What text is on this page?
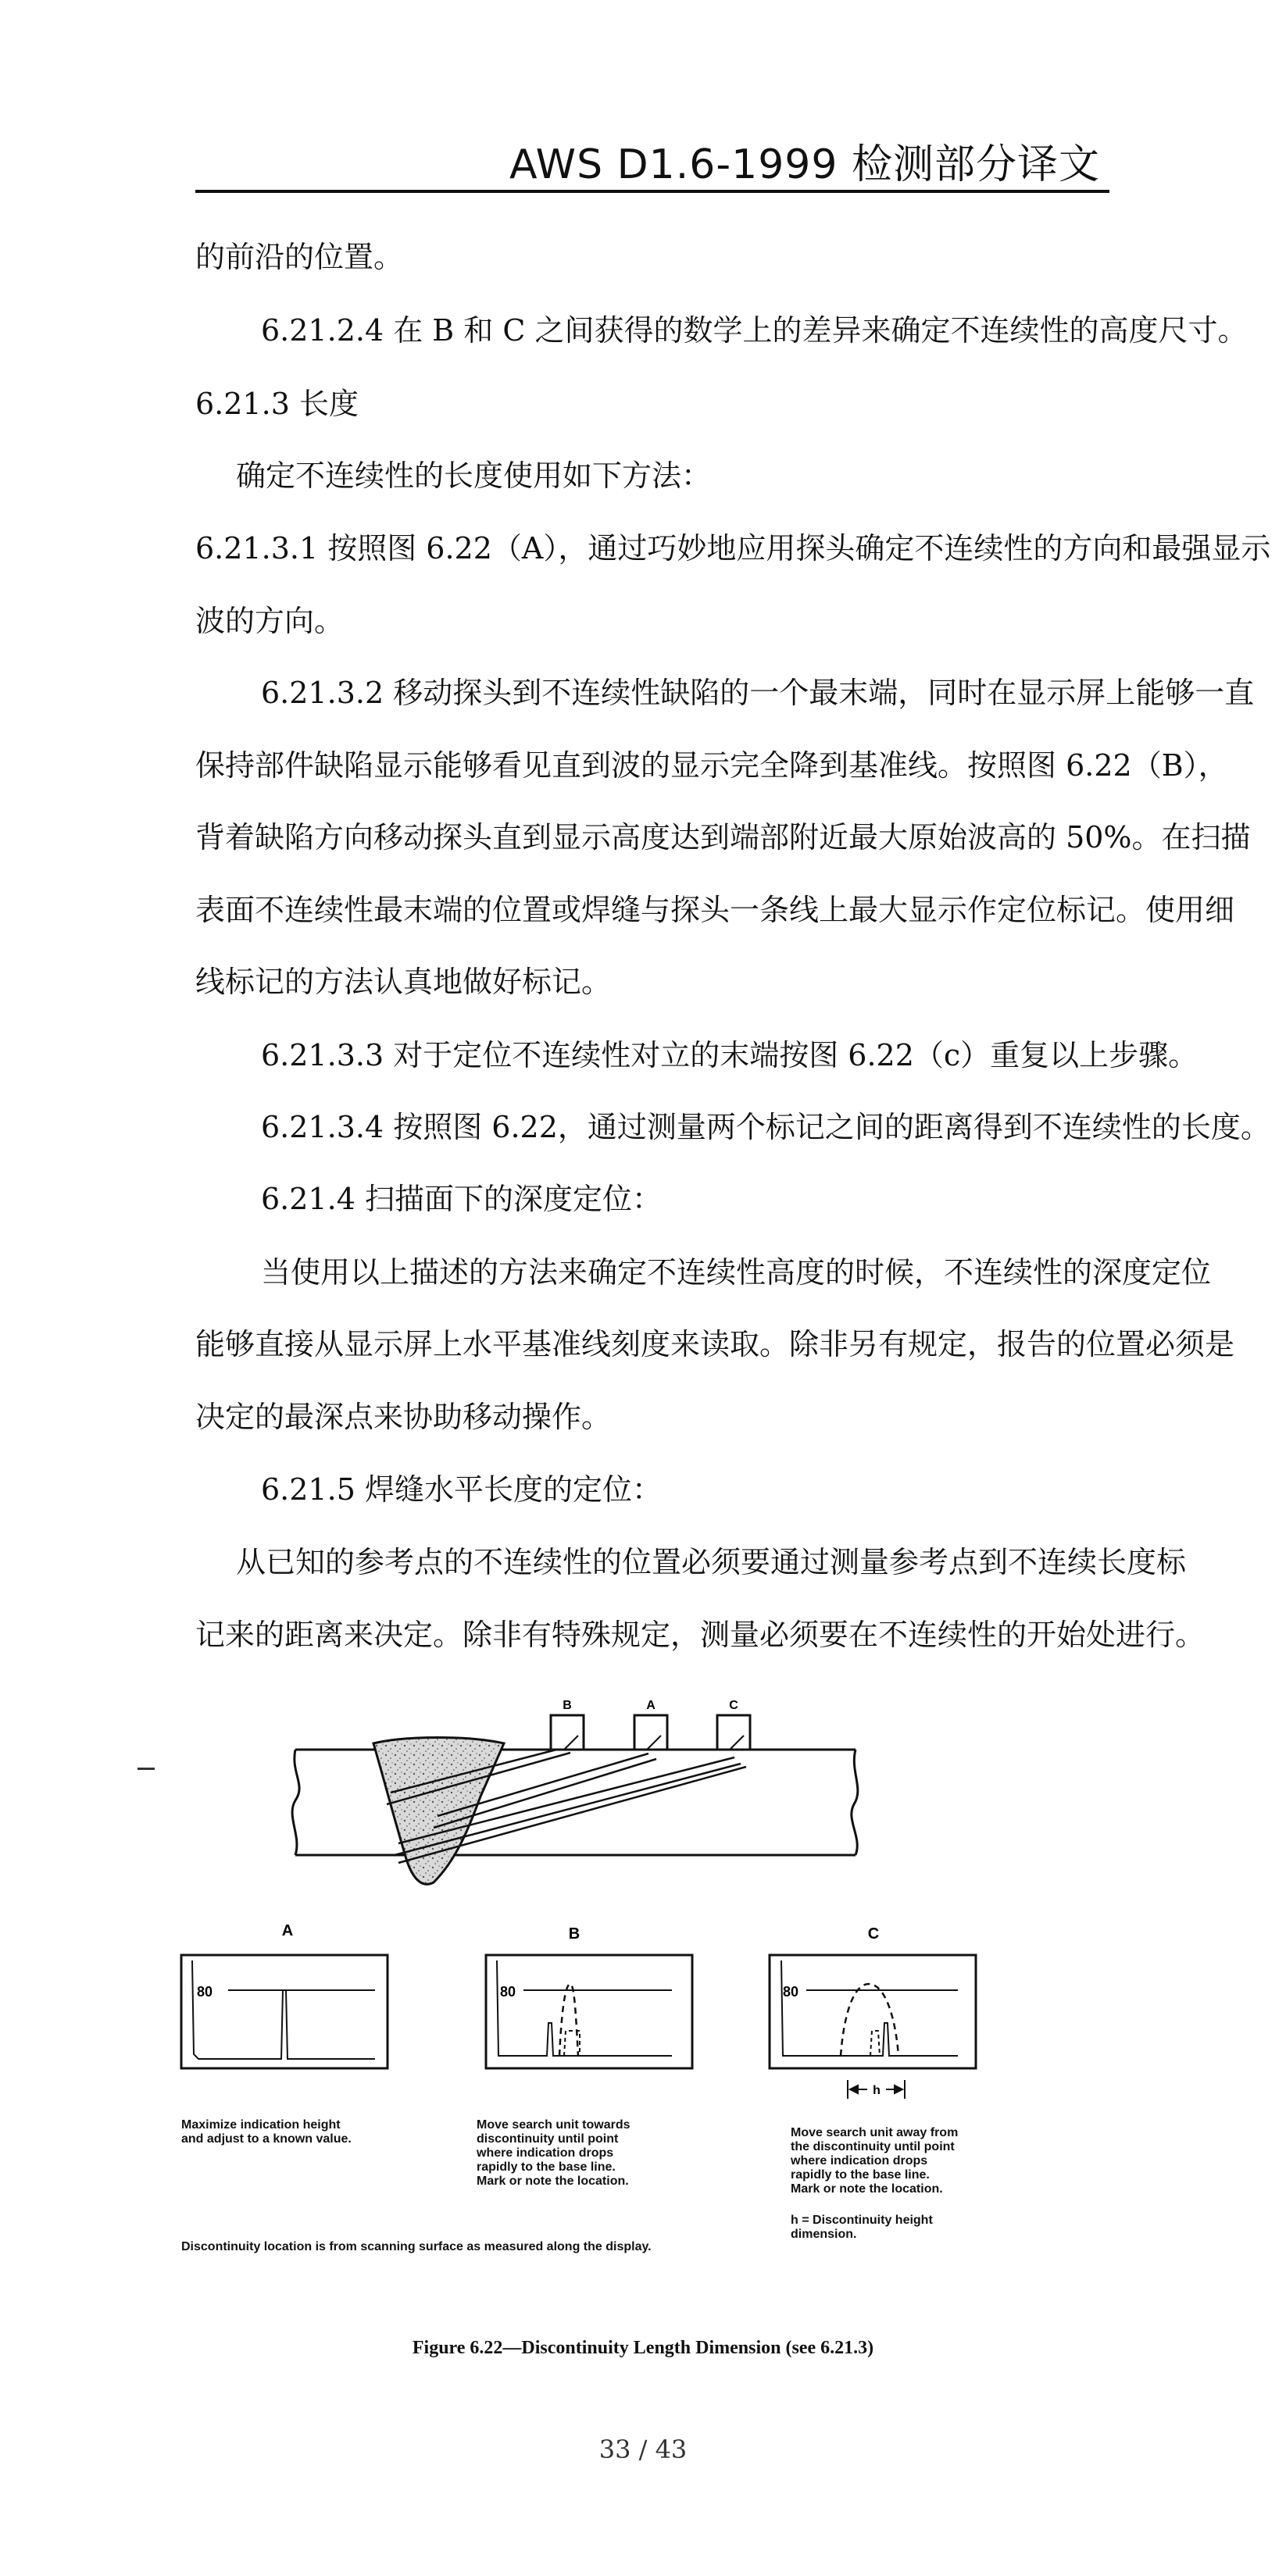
AWS D1.6-1999 检测部分译文
的前沿的位置。
6.21.2.4 在 B 和 C 之间获得的数学上的差异来确定不连续性的高度尺寸。
6.21.3 长度
确定不连续性的长度使用如下方法：
6.21.3.1 按照图 6.22（A），通过巧妙地应用探头确定不连续性的方向和最强显示
波的方向。
6.21.3.2 移动探头到不连续性缺陷的一个最末端，同时在显示屏上能够一直
保持部件缺陷显示能够看见直到波的显示完全降到基准线。按照图 6.22（B），
背着缺陷方向移动探头直到显示高度达到端部附近最大原始波高的 50%。在扫描
表面不连续性最末端的位置或焊缝与探头一条线上最大显示作定位标记。使用细
线标记的方法认真地做好标记。
6.21.3.3 对于定位不连续性对立的末端按图 6.22（c）重复以上步骤。
6.21.3.4 按照图 6.22，通过测量两个标记之间的距离得到不连续性的长度。
6.21.4 扫描面下的深度定位：
当使用以上描述的方法来确定不连续性高度的时候，不连续性的深度定位
能够直接从显示屏上水平基准线刻度来读取。除非另有规定，报告的位置必须是
决定的最深点来协助移动操作。
6.21.5 焊缝水平长度的定位：
从已知的参考点的不连续性的位置必须要通过测量参考点到不连续长度标
记来的距离来决定。除非有特殊规定，测量必须要在不连续性的开始处进行。
B	A	C
A	B	C
80	80	80
h
Maximize indication height
and adjust to a known value.
Move search unit towards
discontinuity until point
where indication drops
rapidly to the base line.
Mark or note the location.
Move search unit away from
the discontinuity until point
where indication drops
rapidly to the base line.
Mark or note the location.
h = Discontinuity height
dimension.
Discontinuity location is from scanning surface as measured along the display.
Figure 6.22—Discontinuity Length Dimension (see 6.21.3)
33 / 43
